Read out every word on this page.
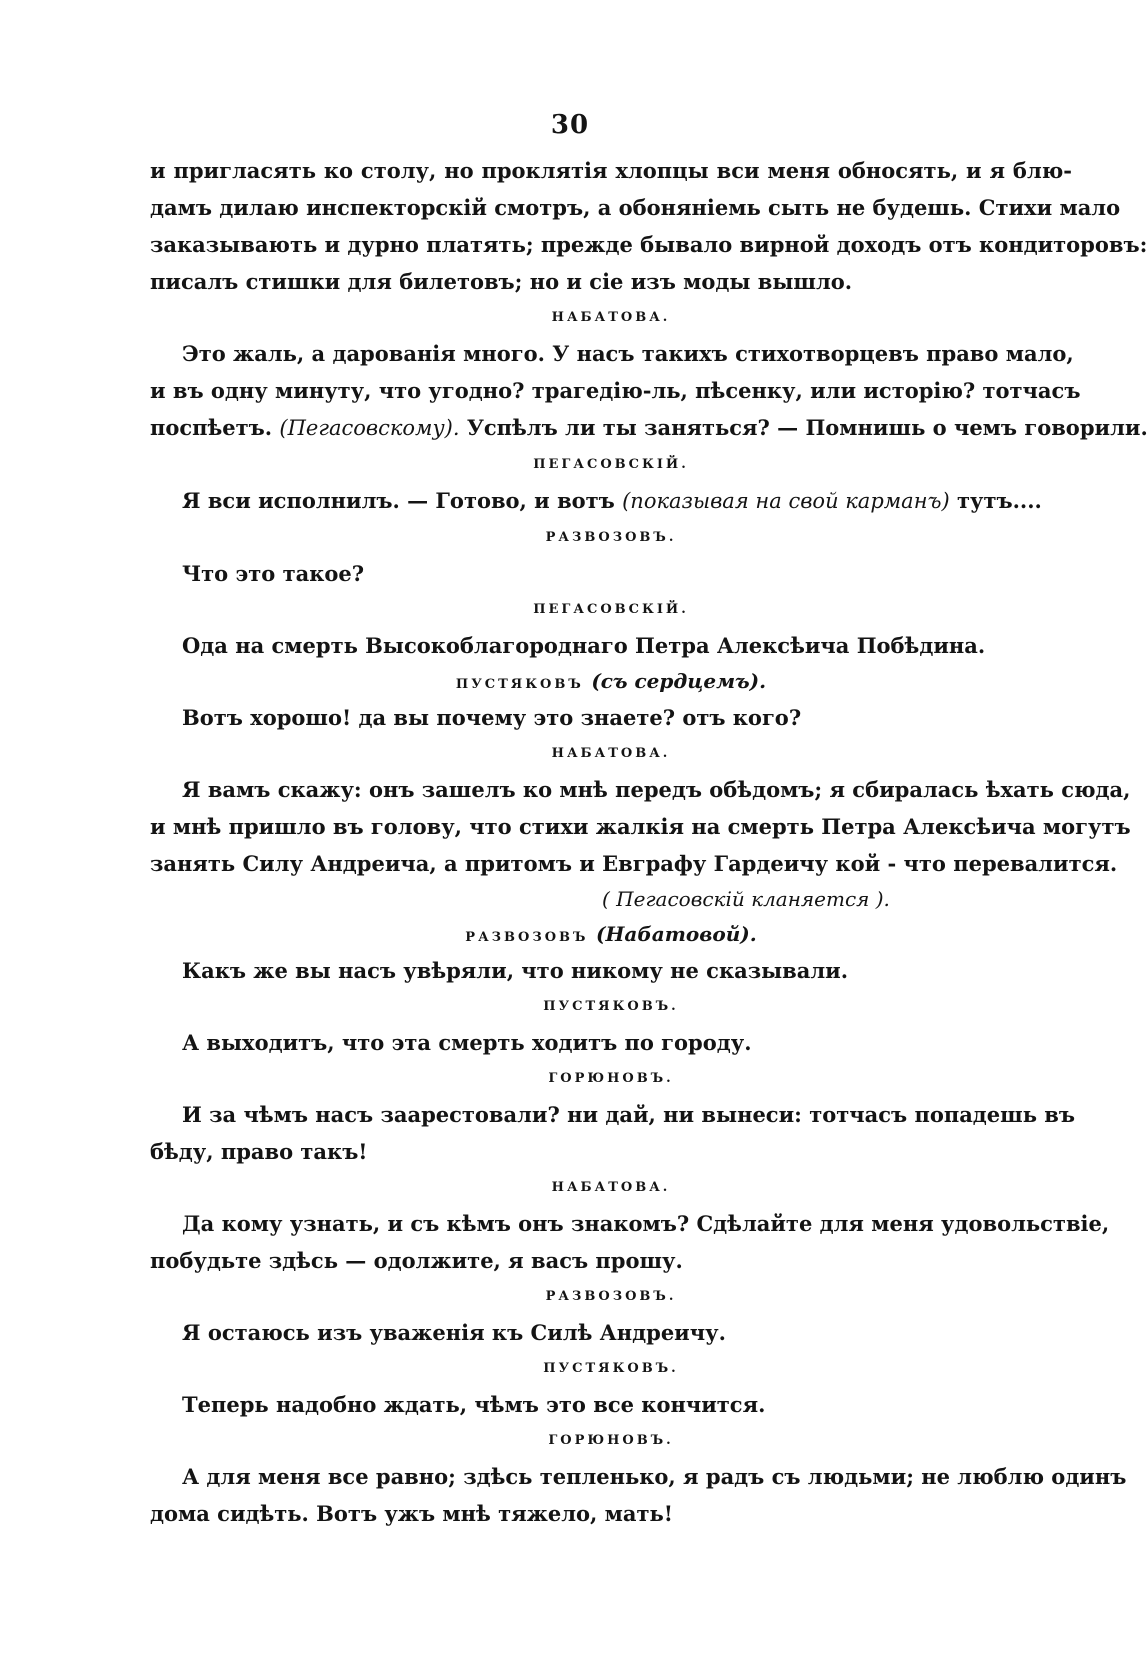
30
и приглaсять ко столу, но проклятія хлопцы вси меня обносять, и я блю-
дамъ дилаю инспекторскій смотръ, а обоняніемь сыть не будешь. Стихи мало
заказывають и дурно платять; прежде бывало вирной доходъ отъ кондиторовъ:
писалъ стишки для билетовъ; но и сіе изъ моды вышло.
НАБАТОВА.
Это жаль, а дарованія много. У насъ такихъ стихотворцевъ право мало,
и въ одну минуту, что угодно? трагедію-ль, пѣсенку, или исторію? тотчасъ
поспѣетъ. (Пегасовскому). Успѣлъ ли ты заняться? — Помнишь о чемъ говорили.
ПЕГАСОВСКІЙ.
Я вси исполнилъ. — Готово, и вотъ (показывая на свой карманъ) тутъ....
РАЗВОЗОВЪ.
Что это такое?
ПЕГАСОВСКІЙ.
Ода на смерть Высокоблагороднаго Петра Алексѣича Побѣдина.
ПУСТЯКОВЪ (съ сердцемъ).
Вотъ хорошо! да вы почему это знаете? отъ кого?
НАБАТОВА.
Я вамъ скажу: онъ зашелъ ко мнѣ передъ обѣдомъ; я сбиралась ѣхать сюда,
и мнѣ пришло въ голову, что стихи жалкія на смерть Петра Алексѣича могутъ
занять Силу Андреича, а притомъ и Евграфу Гардеичу кой - что перевалится.
( Пегасовскій кланяется ).
РАЗВОЗОВЪ (Набатовой).
Какъ же вы насъ увѣряли, что никому не сказывали.
ПУСТЯКОВЪ.
А выходитъ, что эта смерть ходитъ по городу.
ГОРЮНОВЪ.
И за чѣмъ насъ заарестовали? ни дай, ни вынеси: тотчасъ попадешь въ
бѣду, право такъ!
НАБАТОВА.
Да кому узнать, и съ кѣмъ онъ знакомъ? Сдѣлайте для меня удовольствіе,
побудьте здѣсь — одолжите, я васъ прошу.
РАЗВОЗОВЪ.
Я остаюсь изъ уваженія къ Силѣ Андреичу.
ПУСТЯКОВЪ.
Теперь надобно ждать, чѣмъ это все кончится.
ГОРЮНОВЪ.
А для меня все равно; здѣсь тепленько, я радъ съ людьми; не люблю одинъ
дома сидѣть. Вотъ ужъ мнѣ тяжело, мать!
